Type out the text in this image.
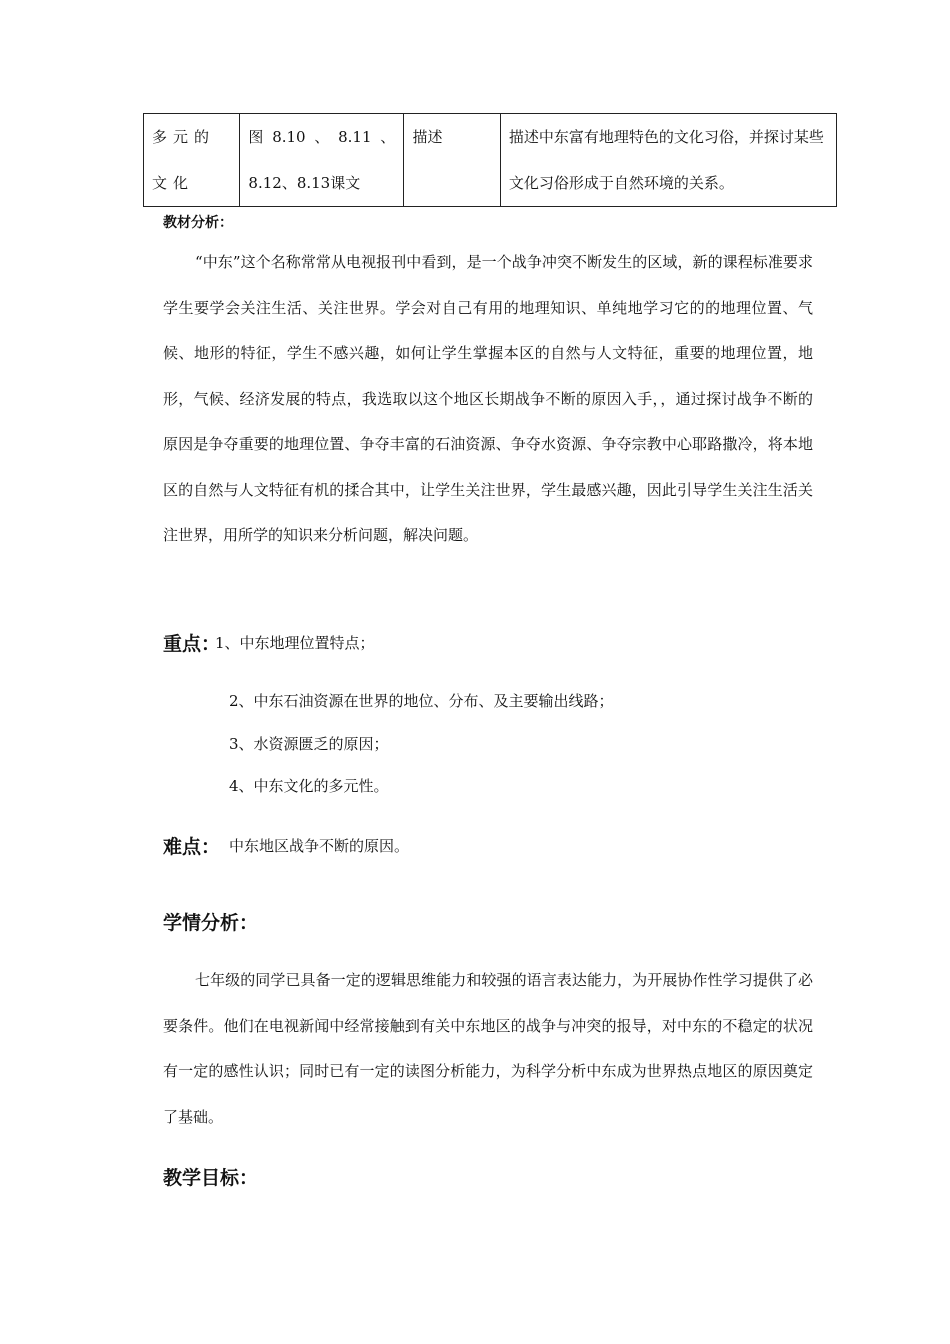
多元的文化	图 8.10 、 8.11 、 8.12、8.13课文	描述	描述中东富有地理特色的文化习俗，并探讨某些文化习俗形成于自然环境的关系。
教材分析：
“中东”这个名称常常从电视报刊中看到，是一个战争冲突不断发生的区域，新的课程标准要求学生要学会关注生活、关注世界。学会对自己有用的地理知识、单纯地学习它的的地理位置、气候、地形的特征，学生不感兴趣，如何让学生掌握本区的自然与人文特征，重要的地理位置，地形，气候、经济发展的特点，我选取以这个地区长期战争不断的原因入手，，通过探讨战争不断的原因是争夺重要的地理位置、争夺丰富的石油资源、争夺水资源、争夺宗教中心耶路撒冷，将本地区的自然与人文特征有机的揉合其中，让学生关注世界，学生最感兴趣，因此引导学生关注生活关注世界，用所学的知识来分析问题，解决问题。
重点：
1、中东地理位置特点；
2、中东石油资源在世界的地位、分布、及主要输出线路；
3、水资源匮乏的原因；
4、中东文化的多元性。
难点： 中东地区战争不断的原因。
学情分析：
七年级的同学已具备一定的逻辑思维能力和较强的语言表达能力，为开展协作性学习提供了必要条件。他们在电视新闻中经常接触到有关中东地区的战争与冲突的报导，对中东的不稳定的状况有一定的感性认识；同时已有一定的读图分析能力，为科学分析中东成为世界热点地区的原因奠定了基础。
教学目标：
